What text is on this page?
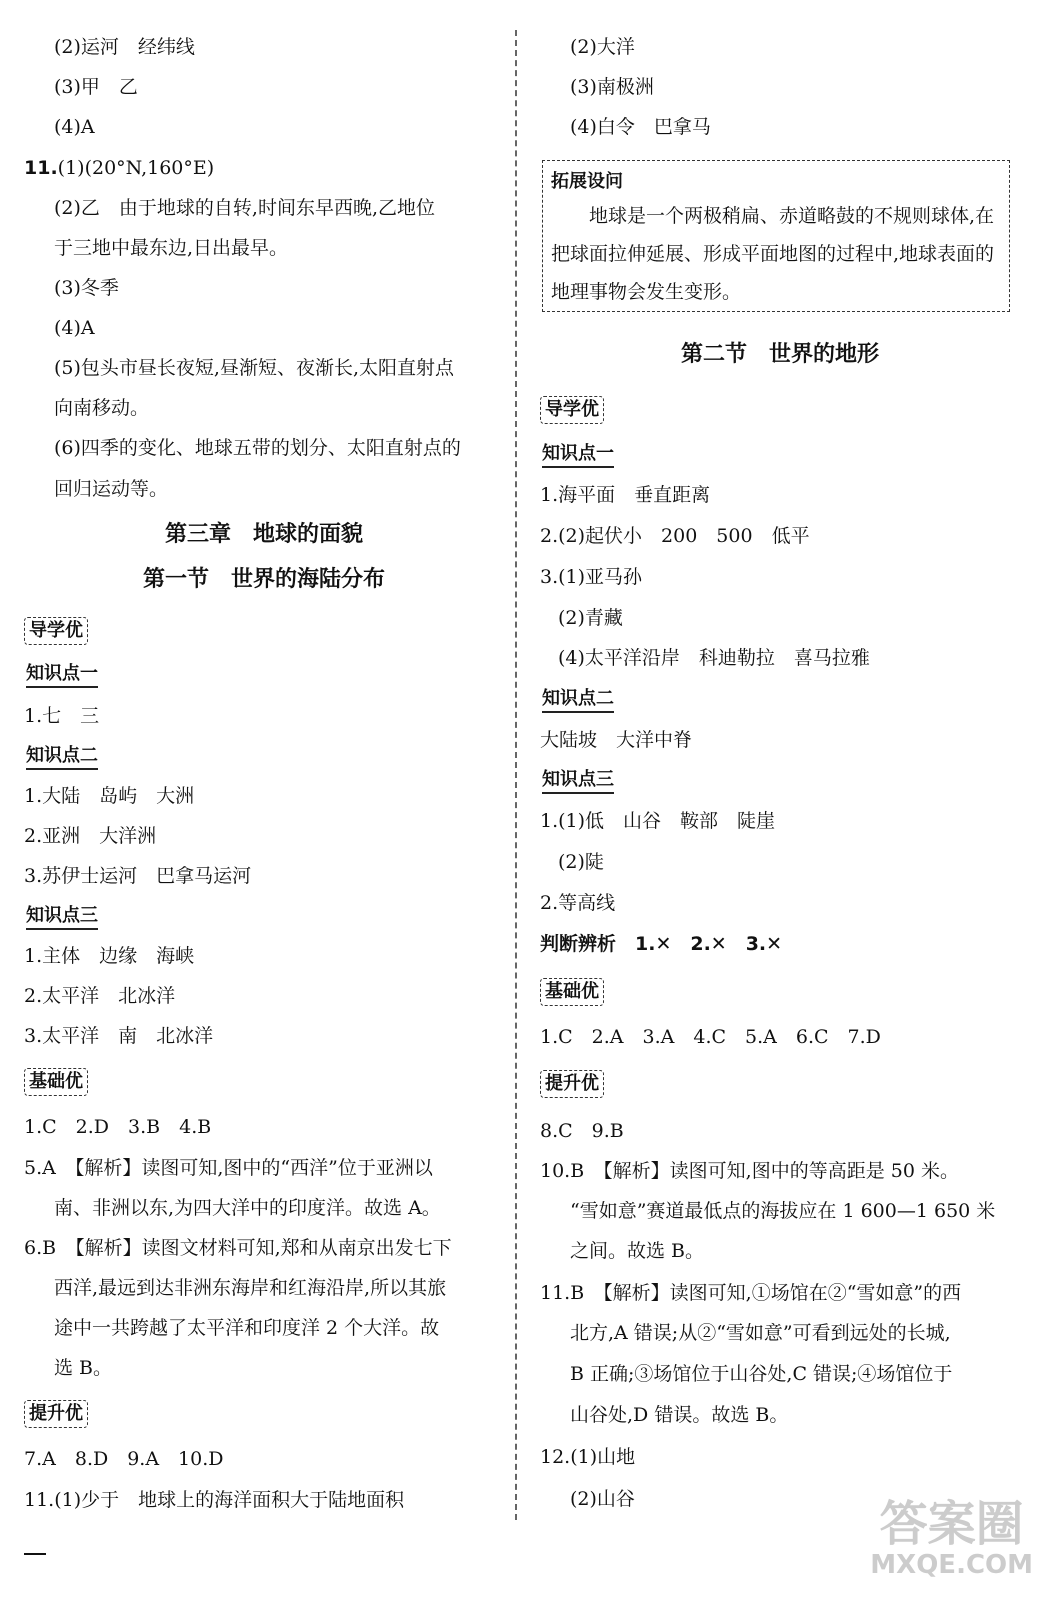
(2)运河　经纬线
(3)甲　乙
(4)A
11.(1)(20°N,160°E)
(2)乙　由于地球的自转,时间东早西晚,乙地位
于三地中最东边,日出最早。
(3)冬季
(4)A
(5)包头市昼长夜短,昼渐短、夜渐长,太阳直射点
向南移动。
(6)四季的变化、地球五带的划分、太阳直射点的
回归运动等。
第三章　地球的面貌
第一节　世界的海陆分布
导学优
知识点一
1.七　三
知识点二
1.大陆　岛屿　大洲
2.亚洲　大洋洲
3.苏伊士运河　巴拿马运河
知识点三
1.主体　边缘　海峡
2.太平洋　北冰洋
3.太平洋　南　北冰洋
基础优
1.C　2.D　3.B　4.B
5.A　【解析】读图可知,图中的“西洋”位于亚洲以
南、非洲以东,为四大洋中的印度洋。故选 A。
6.B　【解析】读图文材料可知,郑和从南京出发七下
西洋,最远到达非洲东海岸和红海沿岸,所以其旅
途中一共跨越了太平洋和印度洋 2 个大洋。故
选 B。
提升优
7.A　8.D　9.A　10.D
11.(1)少于　地球上的海洋面积大于陆地面积
(2)大洋
(3)南极洲
(4)白令　巴拿马
拓展设问
　　地球是一个两极稍扁、赤道略鼓的不规则球体,在把球面拉伸延展、形成平面地图的过程中,地球表面的地理事物会发生变形。
第二节　世界的地形
导学优
知识点一
1.海平面　垂直距离
2.(2)起伏小　200　500　低平
3.(1)亚马孙
(2)青藏
(4)太平洋沿岸　科迪勒拉　喜马拉雅
知识点二
大陆坡　大洋中脊
知识点三
1.(1)低　山谷　鞍部　陡崖
(2)陡
2.等高线
判断辨析　1.✕　2.✕　3.✕
基础优
1.C　2.A　3.A　4.C　5.A　6.C　7.D
提升优
8.C　9.B
10.B　【解析】读图可知,图中的等高距是 50 米。
“雪如意”赛道最低点的海拔应在 1 600—1 650 米
之间。故选 B。
11.B　【解析】读图可知,①场馆在②“雪如意”的西
北方,A 错误;从②“雪如意”可看到远处的长城,
B 正确;③场馆位于山谷处,C 错误;④场馆位于
山谷处,D 错误。故选 B。
12.(1)山地
(2)山谷	答案圈
MXQE.COM
